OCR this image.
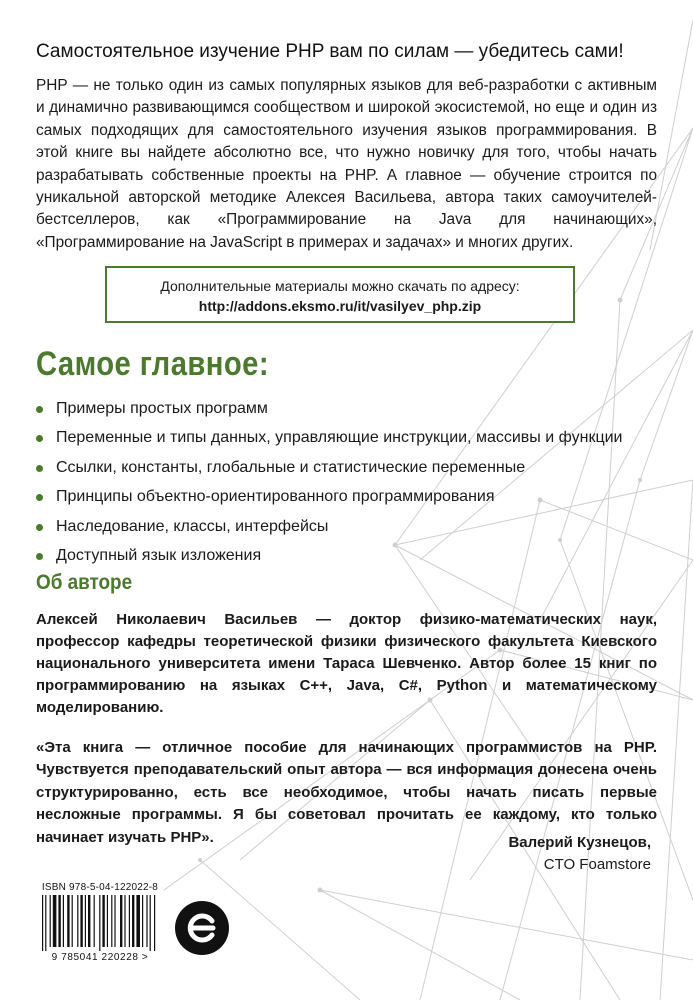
Самостоятельное изучение PHP вам по силам — убедитесь сами!
PHP — не только один из самых популярных языков для веб-разработки с активным и динамично развивающимся сообществом и широкой экосистемой, но еще и один из самых подходящих для самостоятельного изучения языков программирования. В этой книге вы найдете абсолютно все, что нужно новичку для того, чтобы начать разрабатывать собственные проекты на PHP. А главное — обучение строится по уникальной авторской методике Алексея Васильева, автора таких самоучителей-бестселлеров, как «Программирование на Java для начинающих», «Программирование на JavaScript в примерах и задачах» и многих других.
Дополнительные материалы можно скачать по адресу:
http://addons.eksmo.ru/it/vasilyev_php.zip
Самое главное:
Примеры простых программ
Переменные и типы данных, управляющие инструкции, массивы и функции
Ссылки, константы, глобальные и статистические переменные
Принципы объектно-ориентированного программирования
Наследование, классы, интерфейсы
Доступный язык изложения
Об авторе
Алексей Николаевич Васильев — доктор физико-математических наук, профессор кафедры теоретической физики физического факультета Киевского национального университета имени Тараса Шевченко. Автор более 15 книг по программированию на языках C++, Java, C#, Python и математическому моделированию.
«Эта книга — отличное пособие для начинающих программистов на PHP. Чувствуется преподавательский опыт автора — вся информация донесена очень структурированно, есть все необходимое, чтобы начать писать первые несложные программы. Я бы советовал прочитать ее каждому, кто только начинает изучать PHP».	Валерий Кузнецов,
CTO Foamstore
ISBN 978-5-04-122022-8
9 785041 220228 >
